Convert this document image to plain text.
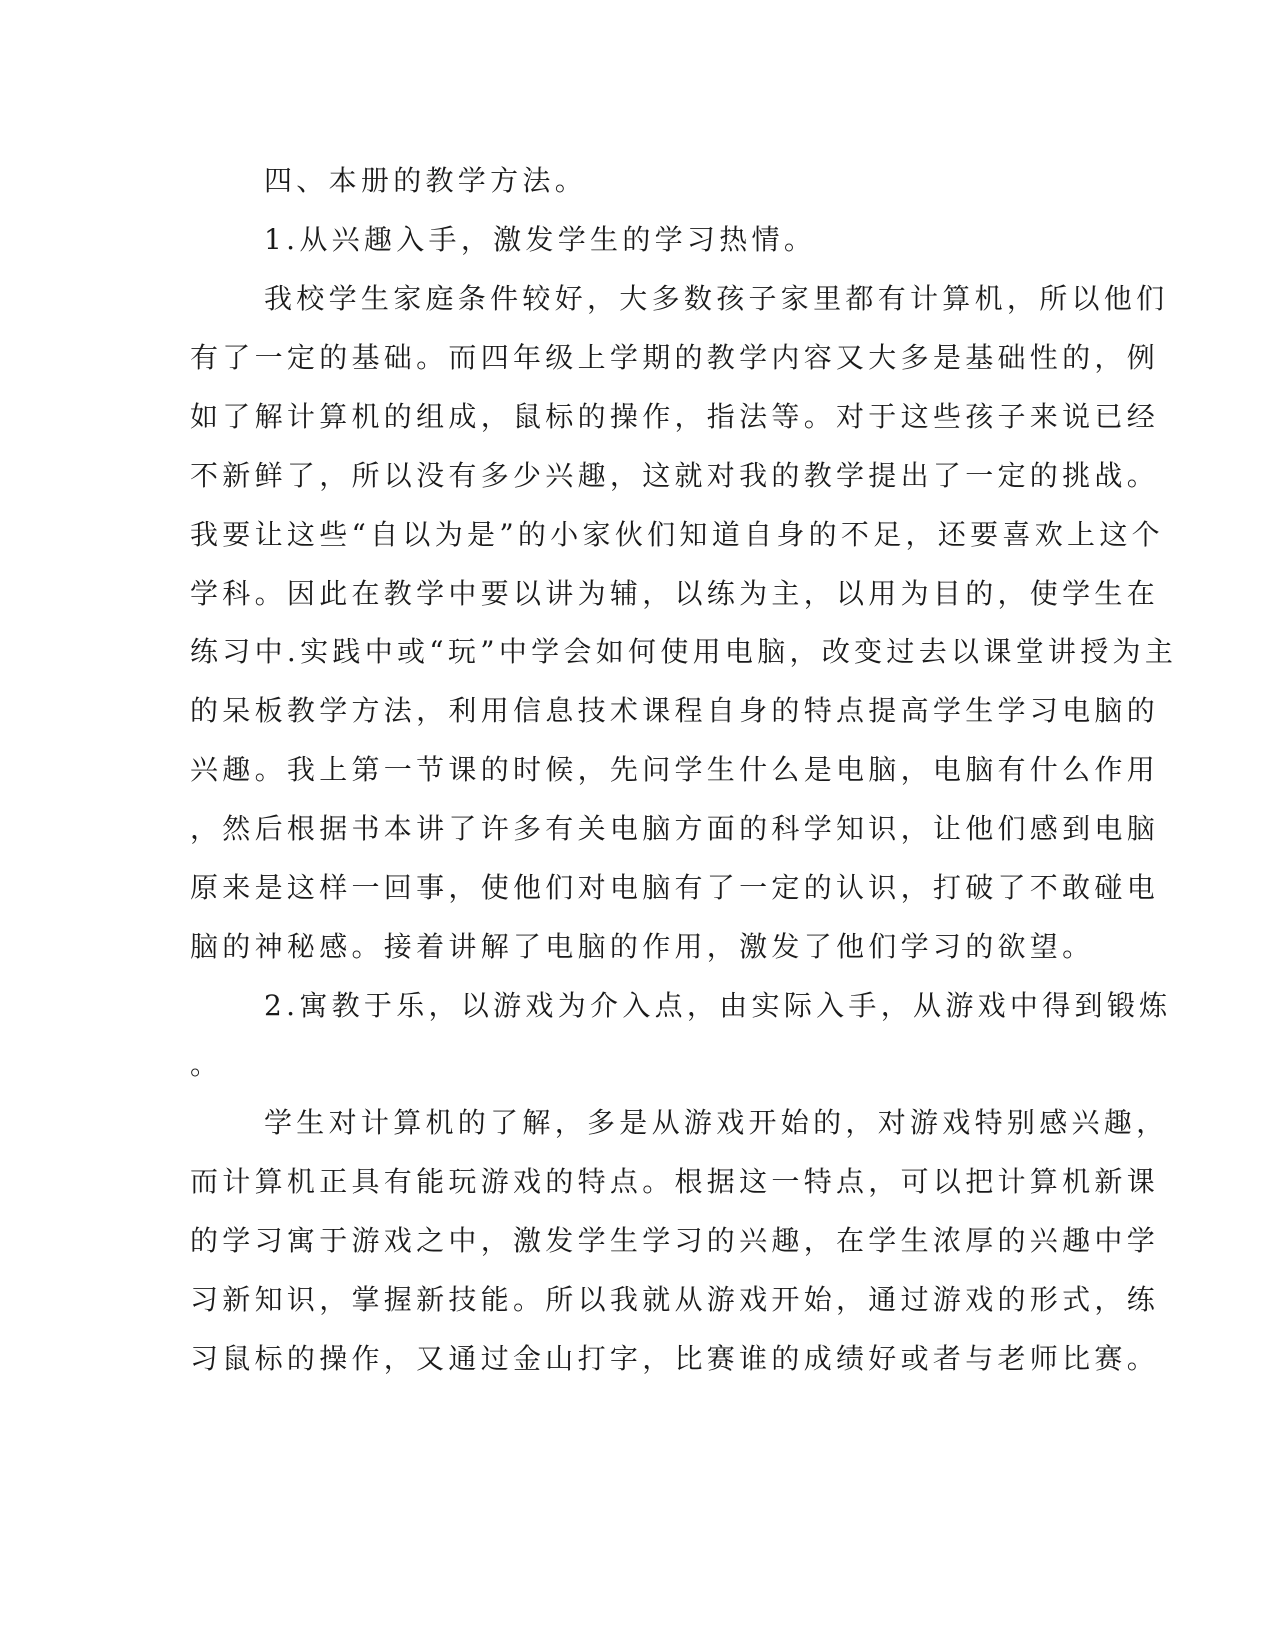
四、本册的教学方法。
1.从兴趣入手，激发学生的学习热情。
我校学生家庭条件较好，大多数孩子家里都有计算机，所以他们
有了一定的基础。而四年级上学期的教学内容又大多是基础性的，例
如了解计算机的组成，鼠标的操作，指法等。对于这些孩子来说已经
不新鲜了，所以没有多少兴趣，这就对我的教学提出了一定的挑战。
我要让这些“自以为是”的小家伙们知道自身的不足，还要喜欢上这个
学科。因此在教学中要以讲为辅，以练为主，以用为目的，使学生在
练习中.实践中或“玩”中学会如何使用电脑，改变过去以课堂讲授为主
的呆板教学方法，利用信息技术课程自身的特点提高学生学习电脑的
兴趣。我上第一节课的时候，先问学生什么是电脑，电脑有什么作用
，然后根据书本讲了许多有关电脑方面的科学知识，让他们感到电脑
原来是这样一回事，使他们对电脑有了一定的认识，打破了不敢碰电
脑的神秘感。接着讲解了电脑的作用，激发了他们学习的欲望。
2.寓教于乐，以游戏为介入点，由实际入手，从游戏中得到锻炼
。
学生对计算机的了解，多是从游戏开始的，对游戏特别感兴趣，
而计算机正具有能玩游戏的特点。根据这一特点，可以把计算机新课
的学习寓于游戏之中，激发学生学习的兴趣，在学生浓厚的兴趣中学
习新知识，掌握新技能。所以我就从游戏开始，通过游戏的形式，练
习鼠标的操作，又通过金山打字，比赛谁的成绩好或者与老师比赛。
